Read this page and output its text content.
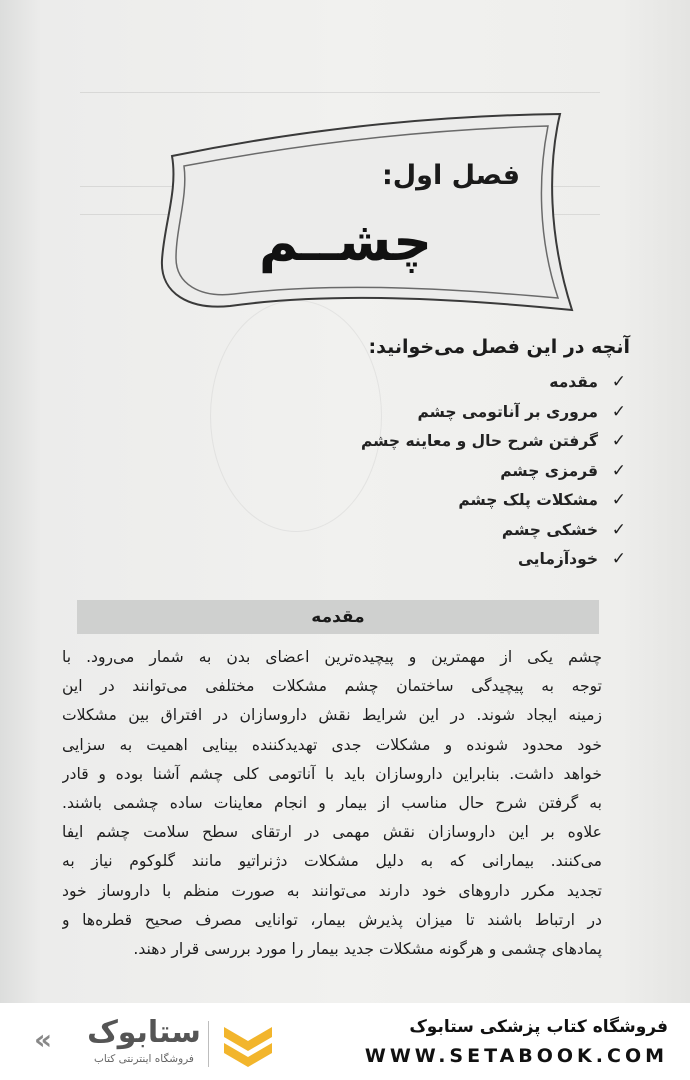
فصل اول:
چشــم
آنچه در این فصل می‌خوانید:
✓
مقدمه
✓
مروری بر آناتومی چشم
✓
گرفتن شرح حال و معاینه چشم
✓
قرمزی چشم
✓
مشکلات پلک چشم
✓
خشکی چشم
✓
خودآزمایی
مقدمه
چشم یکی از مهمترین و پیچیده‌ترین اعضای بدن به شمار می‌رود. با
توجه به پیچیدگی ساختمان چشم مشکلات مختلفی می‌توانند در این
زمینه ایجاد شوند. در این شرایط نقش داروسازان در افتراق بین مشکلات
خود محدود شونده و مشکلات جدی تهدیدکننده بینایی اهمیت به سزایی
خواهد داشت. بنابراین داروسازان باید با آناتومی کلی چشم آشنا بوده و قادر
به گرفتن شرح حال مناسب از بیمار و انجام معاینات ساده چشمی باشند.
علاوه بر این داروسازان نقش مهمی در ارتقای سطح سلامت چشم ایفا
می‌کنند. بیمارانی که به دلیل مشکلات دژنراتیو مانند گلوکوم نیاز به
تجدید مکرر داروهای خود دارند می‌توانند به صورت منظم با داروساز خود
در ارتباط باشند تا میزان پذیرش بیمار، توانایی مصرف صحیح قطره‌ها و
پمادهای چشمی و هرگونه مشکلات جدید بیمار را مورد بررسی قرار دهند.
« ستابوک
فروشگاه اینترنتی کتاب
فروشگاه کتاب پزشکی ستابوک
WWW.SETABOOK.COM
